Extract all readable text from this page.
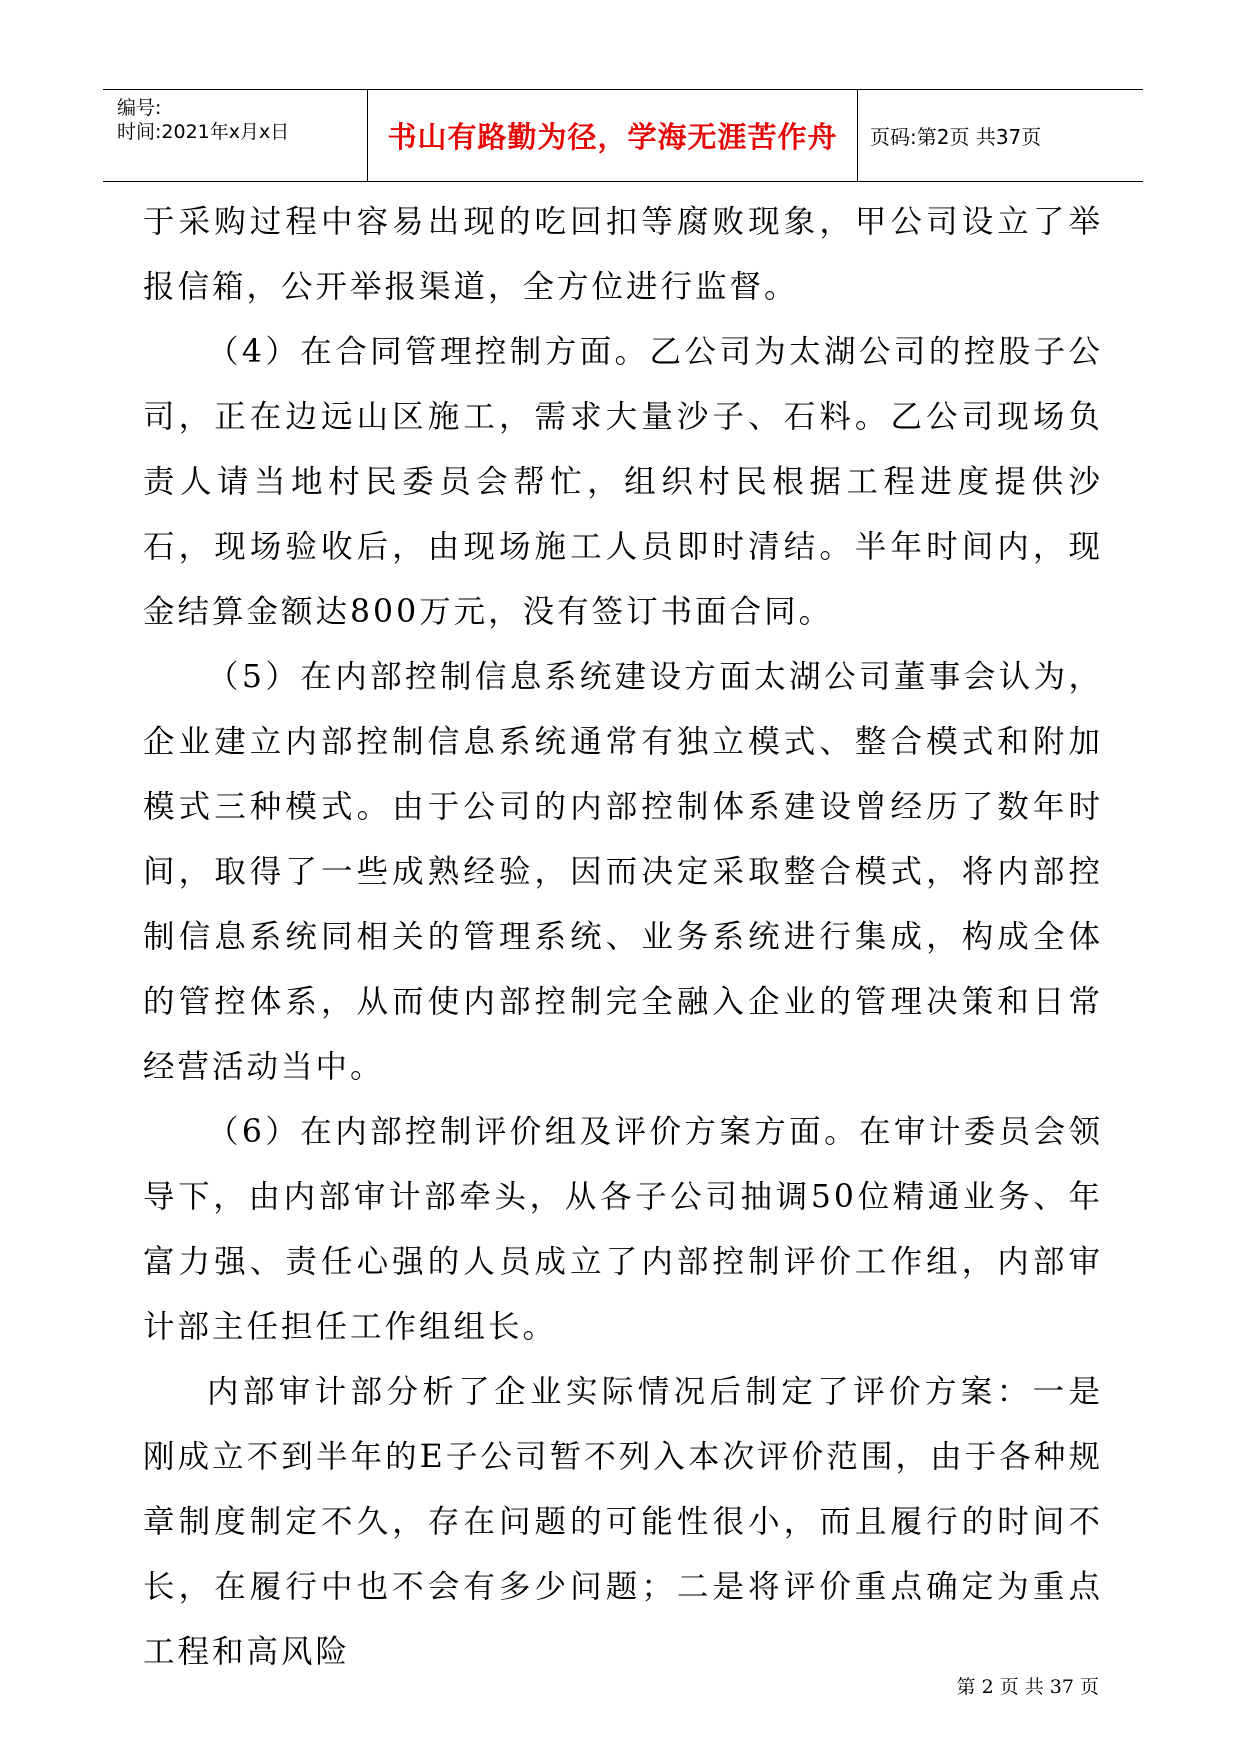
编号:
时间:2021年x月x日	书山有路勤为径，学海无涯苦作舟 页码:第2页 共37页

于采购过程中容易出现的吃回扣等腐败现象，甲公司设立了举报信箱，公开举报渠道，全方位进行监督。

（4）在合同管理控制方面。乙公司为太湖公司的控股子公司，正在边远山区施工，需求大量沙子、石料。乙公司现场负责人请当地村民委员会帮忙，组织村民根据工程进度提供沙石，现场验收后，由现场施工人员即时清结。半年时间内，现金结算金额达800万元，没有签订书面合同。

（5）在内部控制信息系统建设方面太湖公司董事会认为，企业建立内部控制信息系统通常有独立模式、整合模式和附加模式三种模式。由于公司的内部控制体系建设曾经历了数年时间，取得了一些成熟经验，因而决定采取整合模式，将内部控制信息系统同相关的管理系统、业务系统进行集成，构成全体的管控体系，从而使内部控制完全融入企业的管理决策和日常经营活动当中。

（6）在内部控制评价组及评价方案方面。在审计委员会领导下，由内部审计部牵头，从各子公司抽调50位精通业务、年富力强、责任心强的人员成立了内部控制评价工作组，内部审计部主任担任工作组组长。

内部审计部分析了企业实际情况后制定了评价方案：一是刚成立不到半年的E子公司暂不列入本次评价范围，由于各种规章制度制定不久，存在问题的可能性很小，而且履行的时间不长，在履行中也不会有多少问题；二是将评价重点确定为重点工程和高风险

第 2 页 共 37 页
